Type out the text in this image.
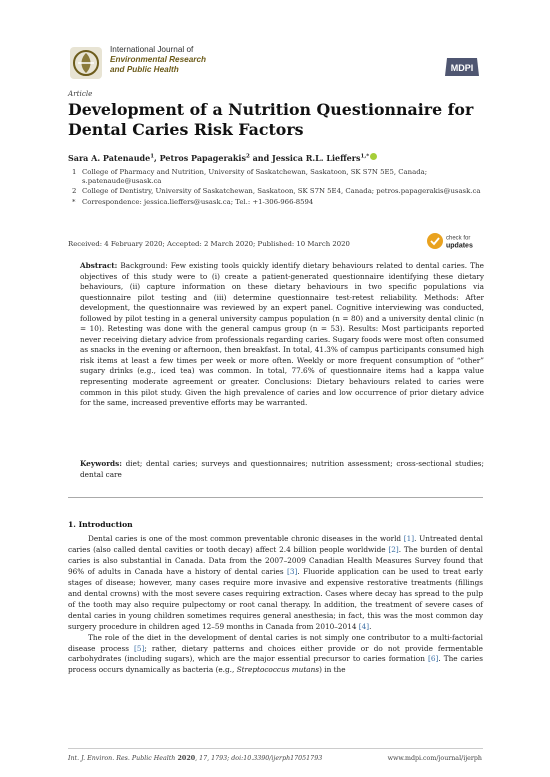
International Journal of
Environmental Research
and Public Health	MDPI
Article
Development of a Nutrition Questionnaire for Dental Caries Risk Factors
Sara A. Patenaude$^1$, Petros Papagerakis$^2$ and Jessica R.L. Lieffers$^{1,*}$
1 College of Pharmacy and Nutrition, University of Saskatchewan, Saskatoon, SK S7N 5E5, Canada; s.patenaude@usask.ca
2 College of Dentistry, University of Saskatchewan, Saskatoon, SK S7N 5E4, Canada; petros.papagerakis@usask.ca
* Correspondence: jessica.lieffers@usask.ca; Tel.: +1-306-966-8594
Received: 4 February 2020; Accepted: 2 March 2020; Published: 10 March 2020
check for
updates
Abstract: Background: Few existing tools quickly identify dietary behaviours related to dental caries. The objectives of this study were to (i) create a patient-generated questionnaire identifying these dietary behaviours, (ii) capture information on these dietary behaviours in two specific populations via questionnaire pilot testing and (iii) determine questionnaire test-retest reliability. Methods: After development, the questionnaire was reviewed by an expert panel. Cognitive interviewing was conducted, followed by pilot testing in a general university campus population (n = 80) and a university dental clinic (n = 10). Retesting was done with the general campus group (n = 53). Results: Most participants reported never receiving dietary advice from professionals regarding caries. Sugary foods were most often consumed as snacks in the evening or afternoon, then breakfast. In total, 41.3% of campus participants consumed high risk items at least a few times per week or more often. Weekly or more frequent consumption of “other” sugary drinks (e.g., iced tea) was common. In total, 77.6% of questionnaire items had a kappa value representing moderate agreement or greater. Conclusions: Dietary behaviours related to caries were common in this pilot study. Given the high prevalence of caries and low occurrence of prior dietary advice for the same, increased preventive efforts may be warranted.
Keywords: diet; dental caries; surveys and questionnaires; nutrition assessment; cross-sectional studies; dental care
1. Introduction

Dental caries is one of the most common preventable chronic diseases in the world [1]. Untreated dental caries (also called dental cavities or tooth decay) affect 2.4 billion people worldwide [2]. The burden of dental caries is also substantial in Canada. Data from the 2007–2009 Canadian Health Measures Survey found that 96% of adults in Canada have a history of dental caries [3]. Fluoride application can be used to treat early stages of disease; however, many cases require more invasive and expensive restorative treatments (fillings and dental crowns) with the most severe cases requiring extraction. Cases where decay has spread to the pulp of the tooth may also require pulpectomy or root canal therapy. In addition, the treatment of severe cases of dental caries in young children sometimes requires general anesthesia; in fact, this was the most common day surgery procedure in children aged 12–59 months in Canada from 2010–2014 [4].

The role of the diet in the development of dental caries is not simply one contributor to a multi-factorial disease process [5]; rather, dietary patterns and choices either provide or do not provide fermentable carbohydrates (including sugars), which are the major essential precursor to caries formation [6]. The caries process occurs dynamically as bacteria (e.g., Streptococcus mutans) in the

Int. J. Environ. Res. Public Health 2020, 17, 1793; doi:10.3390/ijerph17051793	www.mdpi.com/journal/ijerph
